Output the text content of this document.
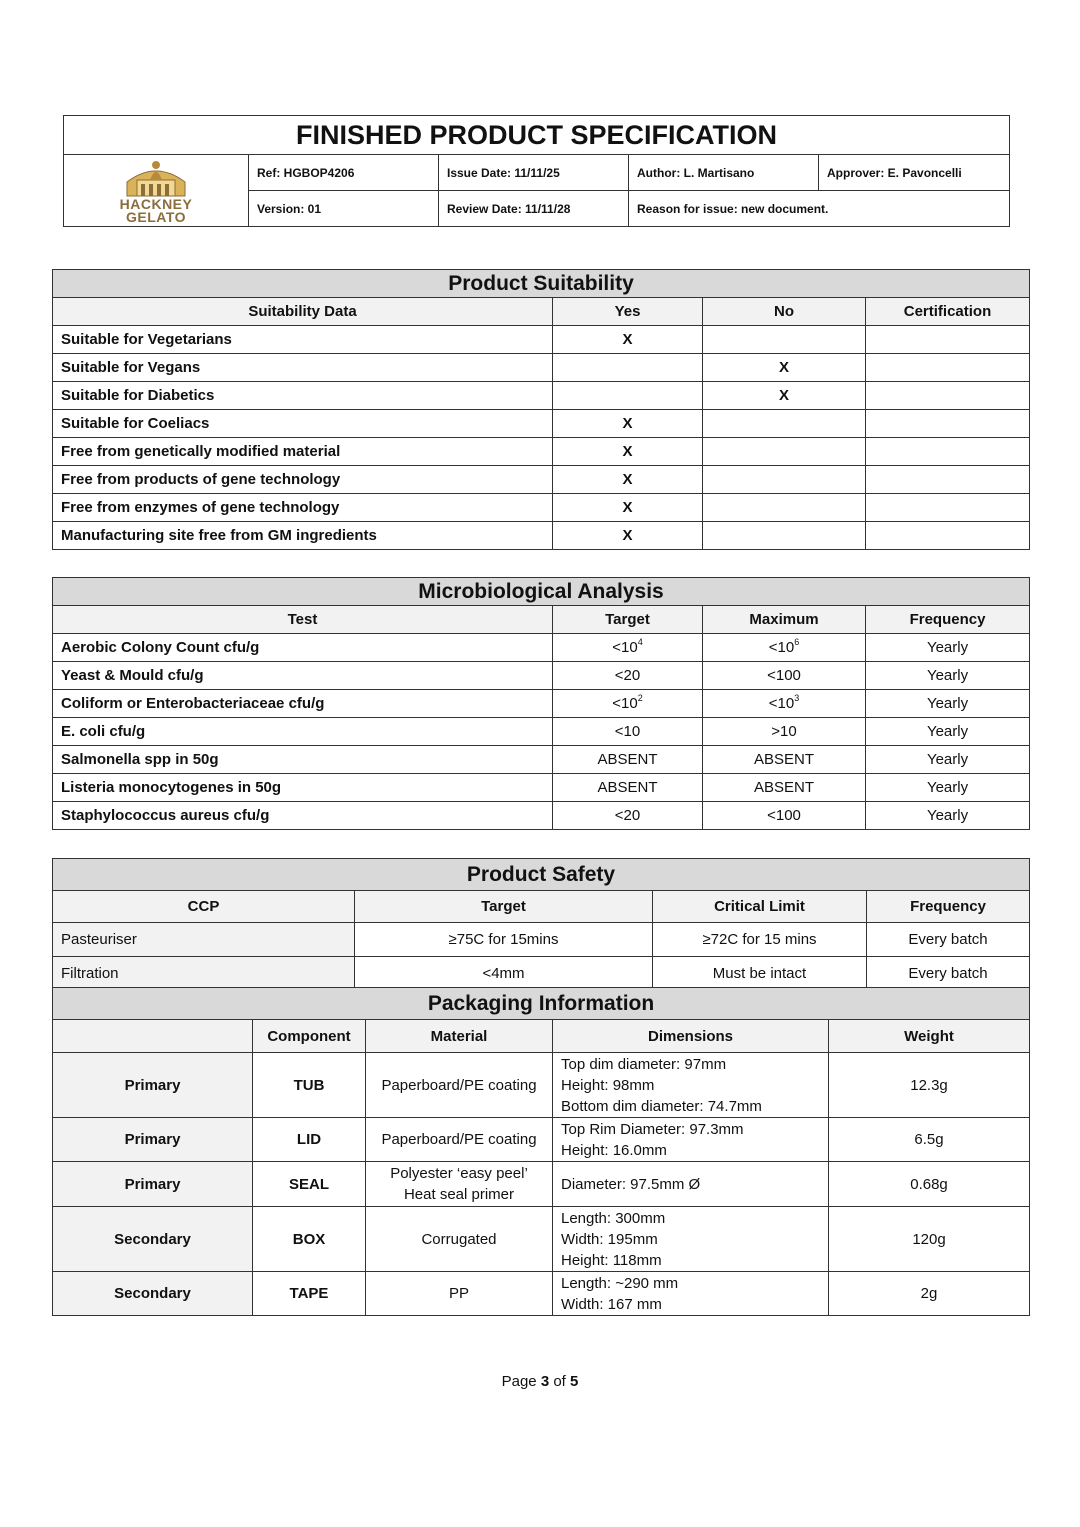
FINISHED PRODUCT SPECIFICATION				

HACKNEY
GELATO	Ref: HGBOP4206	Issue Date: 11/11/25	Author: L. Martisano	Approver: E. Pavoncelli
	Version: 01	Review Date: 11/11/28	Reason for issue: new document.	
Product Suitability			
Suitability Data	Yes	No	Certification
Suitable for Vegetarians	X		
Suitable for Vegans		X	
Suitable for Diabetics		X	
Suitable for Coeliacs	X		
Free from genetically modified material	X		
Free from products of gene technology	X		
Free from enzymes of gene technology	X		
Manufacturing site free from GM ingredients	X		
Microbiological Analysis			
Test	Target	Maximum	Frequency
Aerobic Colony Count cfu/g	$<10^4$	$<10^6$	Yearly
Yeast & Mould cfu/g	<20	<100	Yearly
Coliform or Enterobacteriaceae cfu/g	$<10^2$	$<10^3$	Yearly
E. coli cfu/g	<10	>10	Yearly
Salmonella spp in 50g	ABSENT	ABSENT	Yearly
Listeria monocytogenes in 50g	ABSENT	ABSENT	Yearly
Staphylococcus aureus cfu/g	<20	<100	Yearly
Product Safety			
CCP	Target	Critical Limit	Frequency
Pasteuriser	≥75C for 15mins	≥72C for 15 mins	Every batch
Filtration	<4mm	Must be intact	Every batch
Packaging Information				
	Component	Material	Dimensions	Weight
Primary	TUB	Paperboard/PE coating	Top dim diameter: 97mm
Height: 98mm
Bottom dim diameter: 74.7mm	12.3g
Primary	LID	Paperboard/PE coating	Top Rim Diameter: 97.3mm
Height: 16.0mm	6.5g
Primary	SEAL	Polyester ‘easy peel’
Heat seal primer	Diameter: 97.5mm Ø	0.68g
Secondary	BOX	Corrugated	Length: 300mm
Width: 195mm
Height: 118mm	120g
Secondary	TAPE	PP	Length: ~290 mm
Width: 167 mm	2g
Page 3 of 5
